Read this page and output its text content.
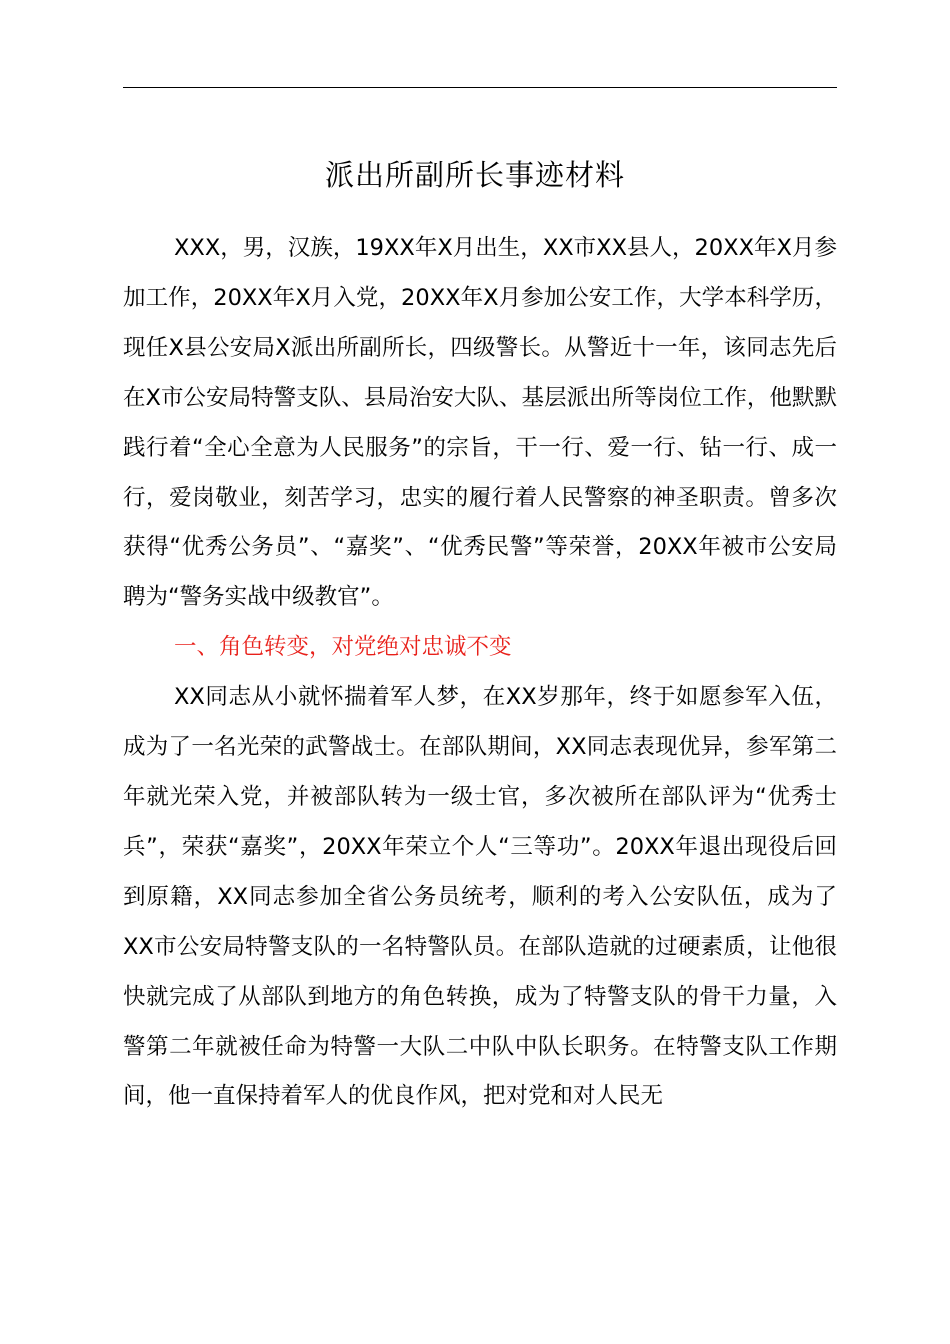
派出所副所长事迹材料

XXX，男，汉族，19XX年X月出生，XX市XX县人，20XX年X月参加工作，20XX年X月入党，20XX年X月参加公安工作，大学本科学历，现任X县公安局X派出所副所长，四级警长。从警近十一年，该同志先后在X市公安局特警支队、县局治安大队、基层派出所等岗位工作，他默默践行着“全心全意为人民服务”的宗旨，干一行、爱一行、钻一行、成一行，爱岗敬业，刻苦学习，忠实的履行着人民警察的神圣职责。曾多次获得“优秀公务员”、“嘉奖”、“优秀民警”等荣誉，20XX年被市公安局聘为“警务实战中级教官”。

一、角色转变，对党绝对忠诚不变

XX同志从小就怀揣着军人梦，在XX岁那年，终于如愿参军入伍，成为了一名光荣的武警战士。在部队期间，XX同志表现优异，参军第二年就光荣入党，并被部队转为一级士官，多次被所在部队评为“优秀士兵”，荣获“嘉奖”，20XX年荣立个人“三等功”。20XX年退出现役后回到原籍，XX同志参加全省公务员统考，顺利的考入公安队伍，成为了XX市公安局特警支队的一名特警队员。在部队造就的过硬素质，让他很快就完成了从部队到地方的角色转换，成为了特警支队的骨干力量，入警第二年就被任命为特警一大队二中队中队长职务。在特警支队工作期间，他一直保持着军人的优良作风，把对党和对人民无
